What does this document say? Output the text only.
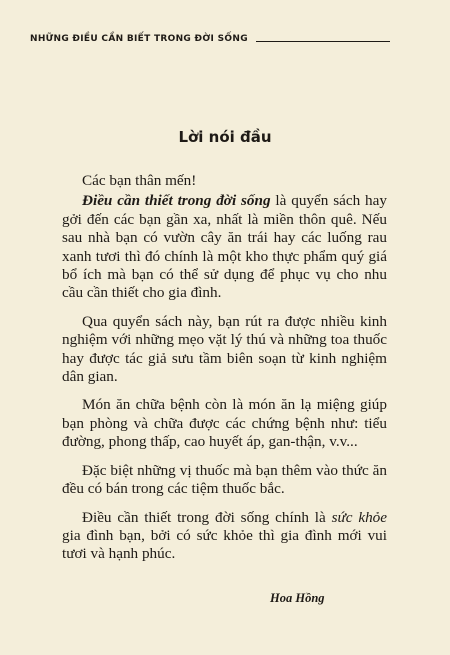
NHỮNG ĐIỀU CẦN BIẾT TRONG ĐỜI SỐNG
Lời nói đầu

Các bạn thân mến!

Điều cần thiết trong đời sống là quyển sách hay gởi đến các bạn gần xa, nhất là miền thôn quê. Nếu sau nhà bạn có vườn cây ăn trái hay các luống rau xanh tươi thì đó chính là một kho thực phẩm quý giá bổ ích mà bạn có thể sử dụng để phục vụ cho nhu cầu cần thiết cho gia đình.

Qua quyển sách này, bạn rút ra được nhiều kinh nghiệm với những mẹo vặt lý thú và những toa thuốc hay được tác giả sưu tầm biên soạn từ kinh nghiệm dân gian.

Món ăn chữa bệnh còn là món ăn lạ miệng giúp bạn phòng và chữa được các chứng bệnh như: tiểu đường, phong thấp, cao huyết áp, gan-thận, v.v...

Đặc biệt những vị thuốc mà bạn thêm vào thức ăn đều có bán trong các tiệm thuốc bắc.

Điều cần thiết trong đời sống chính là sức khỏe gia đình bạn, bởi có sức khỏe thì gia đình mới vui tươi và hạnh phúc.

Hoa Hồng
